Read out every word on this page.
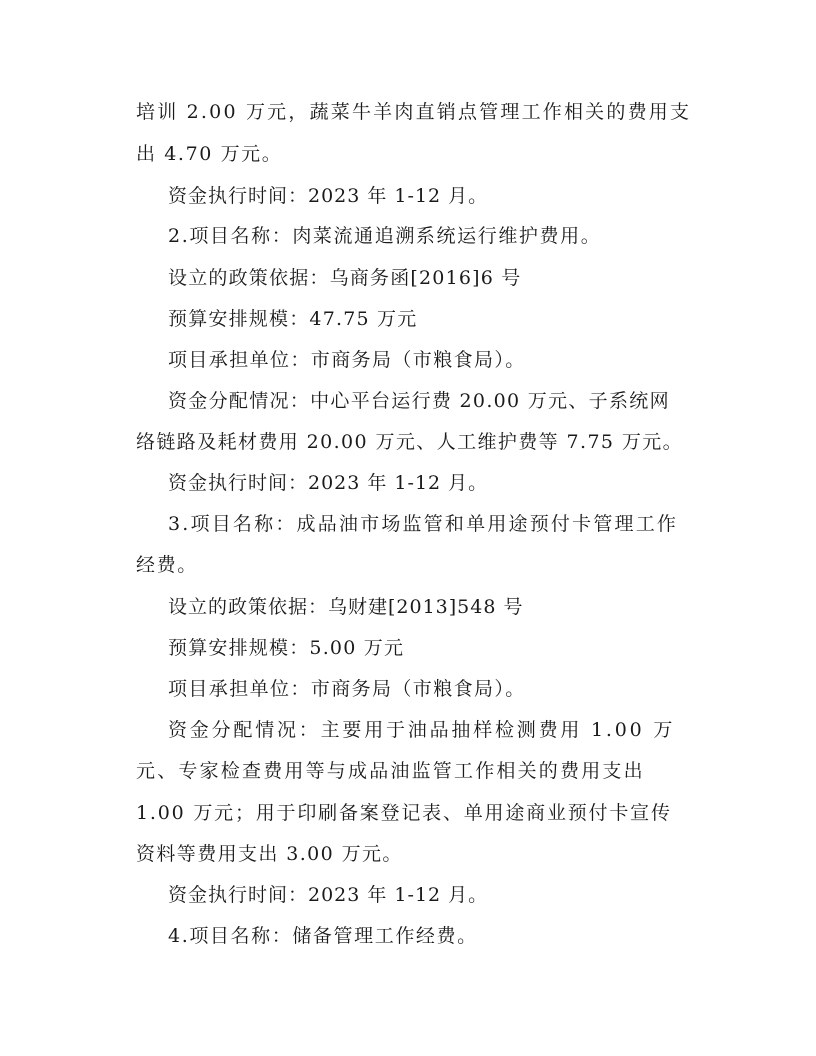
培训 2.00 万元，蔬菜牛羊肉直销点管理工作相关的费用支
出 4.70 万元。
资金执行时间：2023 年 1-12 月。
2.项目名称：肉菜流通追溯系统运行维护费用。
设立的政策依据：乌商务函[2016]6 号
预算安排规模：47.75 万元
项目承担单位：市商务局（市粮食局）。
资金分配情况：中心平台运行费 20.00 万元、子系统网
络链路及耗材费用 20.00 万元、人工维护费等 7.75 万元。
资金执行时间：2023 年 1-12 月。
3.项目名称：成品油市场监管和单用途预付卡管理工作
经费。
设立的政策依据：乌财建[2013]548 号
预算安排规模：5.00 万元
项目承担单位：市商务局（市粮食局）。
资金分配情况：主要用于油品抽样检测费用 1.00 万
元、专家检查费用等与成品油监管工作相关的费用支出
1.00 万元；用于印刷备案登记表、单用途商业预付卡宣传
资料等费用支出 3.00 万元。
资金执行时间：2023 年 1-12 月。
4.项目名称：储备管理工作经费。
